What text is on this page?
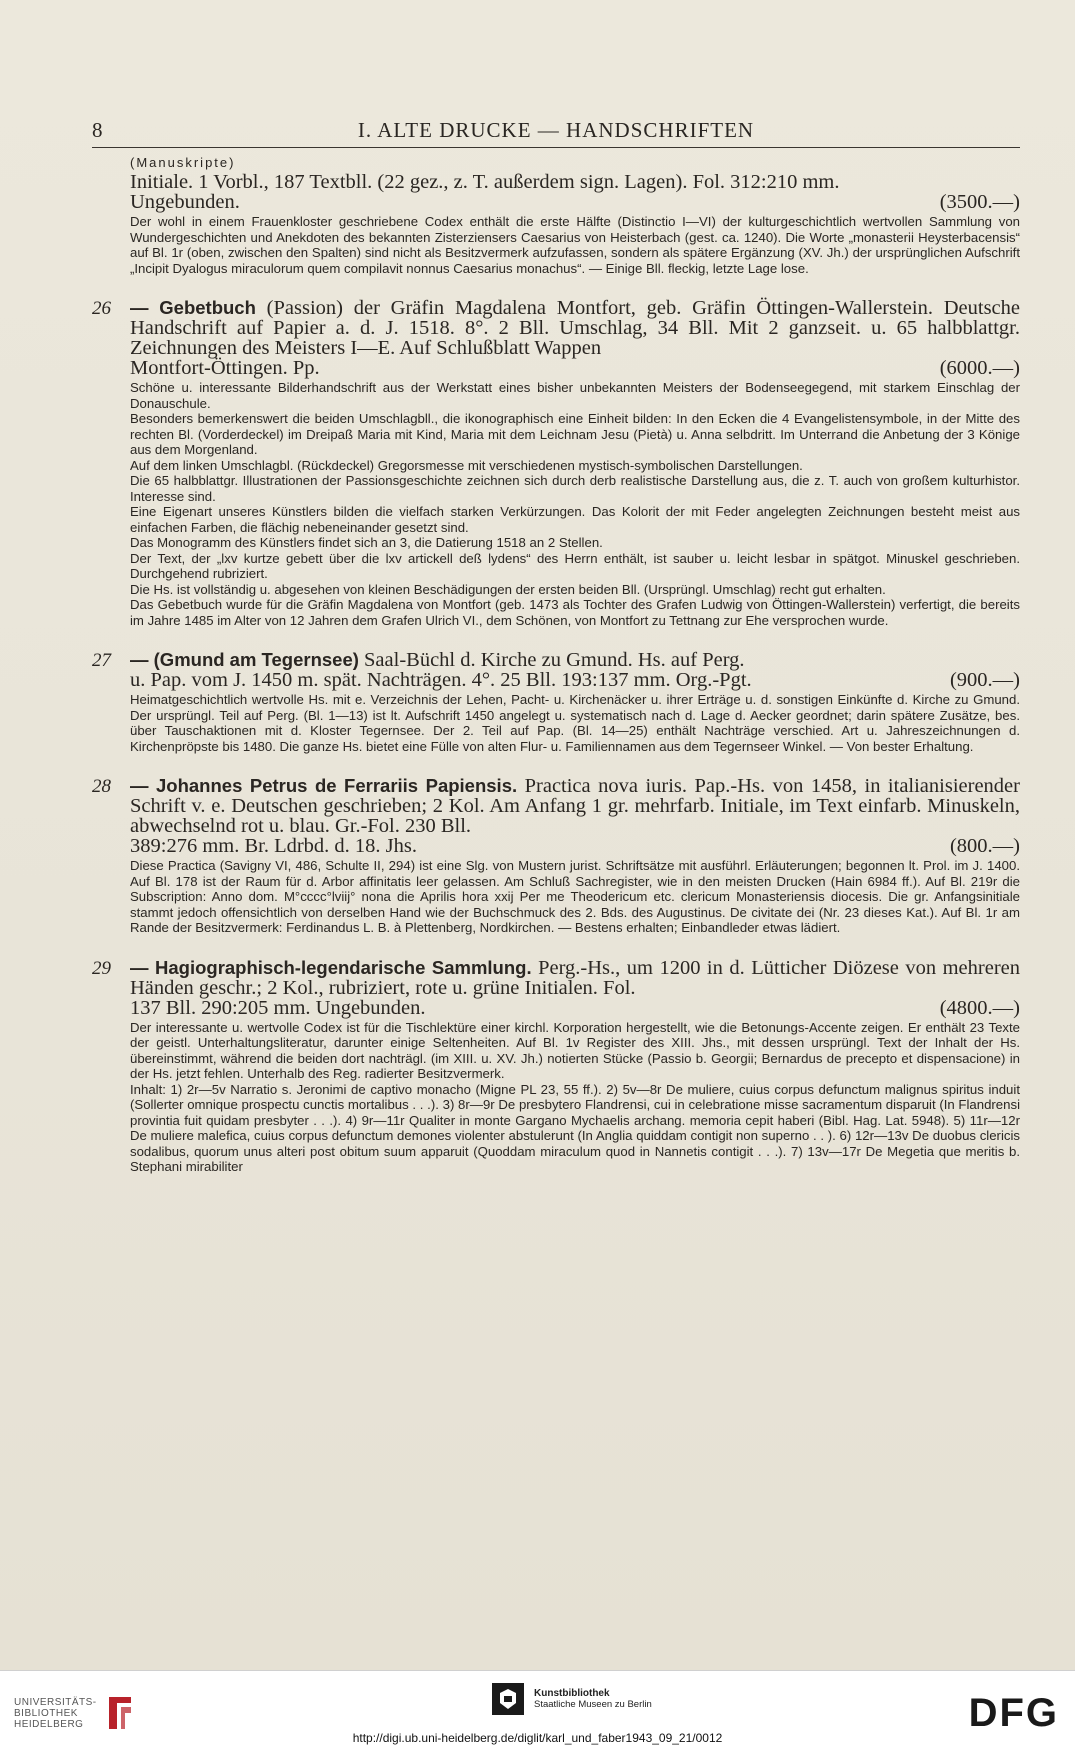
8	I. ALTE DRUCKE — HANDSCHRIFTEN
(Manuskripte)
Initiale. 1 Vorbl., 187 Textbll. (22 gez., z. T. außerdem sign. Lagen). Fol. 312:210 mm.
Ungebunden.	(3500.—)

Der wohl in einem Frauenkloster geschriebene Codex enthält die erste Hälfte (Distinctio I—VI) der kulturgeschichtlich wertvollen Sammlung von Wundergeschichten und Anekdoten des bekannten Zisterziensers Caesarius von Heisterbach (gest. ca. 1240). Die Worte „monasterii Heysterbacensis“ auf Bl. 1r (oben, zwischen den Spalten) sind nicht als Besitzvermerk aufzufassen, sondern als spätere Ergänzung (XV. Jh.) der ursprünglichen Aufschrift „Incipit Dyalogus miraculorum quem compilavit nonnus Caesarius monachus“. — Einige Bll. fleckig, letzte Lage lose.

26 — Gebetbuch (Passion) der Gräfin Magdalena Montfort, geb. Gräfin Öttingen-Wallerstein. Deutsche Handschrift auf Papier a. d. J. 1518. 8°. 2 Bll. Umschlag, 34 Bll. Mit 2 ganzseit. u. 65 halbblattgr. Zeichnungen des Meisters I—E. Auf Schlußblatt Wappen
Montfort-Öttingen. Pp.	(6000.—)

Schöne u. interessante Bilderhandschrift aus der Werkstatt eines bisher unbekannten Meisters der Bodenseegegend, mit starkem Einschlag der Donauschule.

Besonders bemerkenswert die beiden Umschlagbll., die ikonographisch eine Einheit bilden: In den Ecken die 4 Evangelistensymbole, in der Mitte des rechten Bl. (Vorderdeckel) im Dreipaß Maria mit Kind, Maria mit dem Leichnam Jesu (Pietà) u. Anna selbdritt. Im Unterrand die Anbetung der 3 Könige aus dem Morgenland.

Auf dem linken Umschlagbl. (Rückdeckel) Gregorsmesse mit verschiedenen mystisch-symbolischen Darstellungen.

Die 65 halbblattgr. Illustrationen der Passionsgeschichte zeichnen sich durch derb realistische Darstellung aus, die z. T. auch von großem kulturhistor. Interesse sind.

Eine Eigenart unseres Künstlers bilden die vielfach starken Verkürzungen. Das Kolorit der mit Feder angelegten Zeichnungen besteht meist aus einfachen Farben, die flächig nebeneinander gesetzt sind.

Das Monogramm des Künstlers findet sich an 3, die Datierung 1518 an 2 Stellen.

Der Text, der „lxv kurtze gebett über die lxv artickell deß lydens“ des Herrn enthält, ist sauber u. leicht lesbar in spätgot. Minuskel geschrieben. Durchgehend rubriziert.

Die Hs. ist vollständig u. abgesehen von kleinen Beschädigungen der ersten beiden Bll. (Ursprüngl. Umschlag) recht gut erhalten.

Das Gebetbuch wurde für die Gräfin Magdalena von Montfort (geb. 1473 als Tochter des Grafen Ludwig von Öttingen-Wallerstein) verfertigt, die bereits im Jahre 1485 im Alter von 12 Jahren dem Grafen Ulrich VI., dem Schönen, von Montfort zu Tettnang zur Ehe versprochen wurde.

27 — (Gmund am Tegernsee) Saal-Büchl d. Kirche zu Gmund. Hs. auf Perg.
u. Pap. vom J. 1450 m. spät. Nachträgen. 4°. 25 Bll. 193:137 mm. Org.-Pgt.	(900.—)

Heimatgeschichtlich wertvolle Hs. mit e. Verzeichnis der Lehen, Pacht- u. Kirchenäcker u. ihrer Erträge u. d. sonstigen Einkünfte d. Kirche zu Gmund. Der ursprüngl. Teil auf Perg. (Bl. 1—13) ist lt. Aufschrift 1450 angelegt u. systematisch nach d. Lage d. Aecker geordnet; darin spätere Zusätze, bes. über Tauschaktionen mit d. Kloster Tegernsee. Der 2. Teil auf Pap. (Bl. 14—25) enthält Nachträge verschied. Art u. Jahreszeichnungen d. Kirchenpröpste bis 1480. Die ganze Hs. bietet eine Fülle von alten Flur- u. Familiennamen aus dem Tegernseer Winkel. — Von bester Erhaltung.

28 — Johannes Petrus de Ferrariis Papiensis. Practica nova iuris. Pap.-Hs. von 1458, in italianisierender Schrift v. e. Deutschen geschrieben; 2 Kol. Am Anfang 1 gr. mehrfarb. Initiale, im Text einfarb. Minuskeln, abwechselnd rot u. blau. Gr.-Fol. 230 Bll.
389:276 mm. Br. Ldrbd. d. 18. Jhs.	(800.—)

Diese Practica (Savigny VI, 486, Schulte II, 294) ist eine Slg. von Mustern jurist. Schriftsätze mit ausführl. Erläuterungen; begonnen lt. Prol. im J. 1400. Auf Bl. 178 ist der Raum für d. Arbor affinitatis leer gelassen. Am Schluß Sachregister, wie in den meisten Drucken (Hain 6984 ff.). Auf Bl. 219r die Subscription: Anno dom. M°cccc°lviij° nona die Aprilis hora xxij Per me Theodericum etc. clericum Monasteriensis diocesis. Die gr. Anfangsinitiale stammt jedoch offensichtlich von derselben Hand wie der Buchschmuck des 2. Bds. des Augustinus. De civitate dei (Nr. 23 dieses Kat.). Auf Bl. 1r am Rande der Besitzvermerk: Ferdinandus L. B. à Plettenberg, Nordkirchen. — Bestens erhalten; Einbandleder etwas lädiert.

29 — Hagiographisch-legendarische Sammlung. Perg.-Hs., um 1200 in d. Lütticher Diözese von mehreren Händen geschr.; 2 Kol., rubriziert, rote u. grüne Initialen. Fol.
137 Bll. 290:205 mm. Ungebunden.	(4800.—)

Der interessante u. wertvolle Codex ist für die Tischlektüre einer kirchl. Korporation hergestellt, wie die Betonungs-Accente zeigen. Er enthält 23 Texte der geistl. Unterhaltungsliteratur, darunter einige Seltenheiten. Auf Bl. 1v Register des XIII. Jhs., mit dessen ursprüngl. Text der Inhalt der Hs. übereinstimmt, während die beiden dort nachträgl. (im XIII. u. XV. Jh.) notierten Stücke (Passio b. Georgii; Bernardus de precepto et dispensacione) in der Hs. jetzt fehlen. Unterhalb des Reg. radierter Besitzvermerk.

Inhalt: 1) 2r—5v Narratio s. Jeronimi de captivo monacho (Migne PL 23, 55 ff.). 2) 5v—8r De muliere, cuius corpus defunctum malignus spiritus induit (Sollerter omnique prospectu cunctis mortalibus . . .). 3) 8r—9r De presbytero Flandrensi, cui in celebratione misse sacramentum disparuit (In Flandrensi provintia fuit quidam presbyter . . .). 4) 9r—11r Qualiter in monte Gargano Mychaelis archang. memoria cepit haberi (Bibl. Hag. Lat. 5948). 5) 11r—12r De muliere malefica, cuius corpus defunctum demones violenter abstulerunt (In Anglia quiddam contigit non superno . . ). 6) 12r—13v De duobus clericis sodalibus, quorum unus alteri post obitum suum apparuit (Quoddam miraculum quod in Nannetis contigit . . .). 7) 13v—17r De Megetia que meritis b. Stephani mirabiliter

UNIVERSITÄTS-
BIBLIOTHEK
HEIDELBERG
Kunstbibliothek
Staatliche Museen zu Berlin	DFG
http://digi.ub.uni-heidelberg.de/diglit/karl_und_faber1943_09_21/0012
